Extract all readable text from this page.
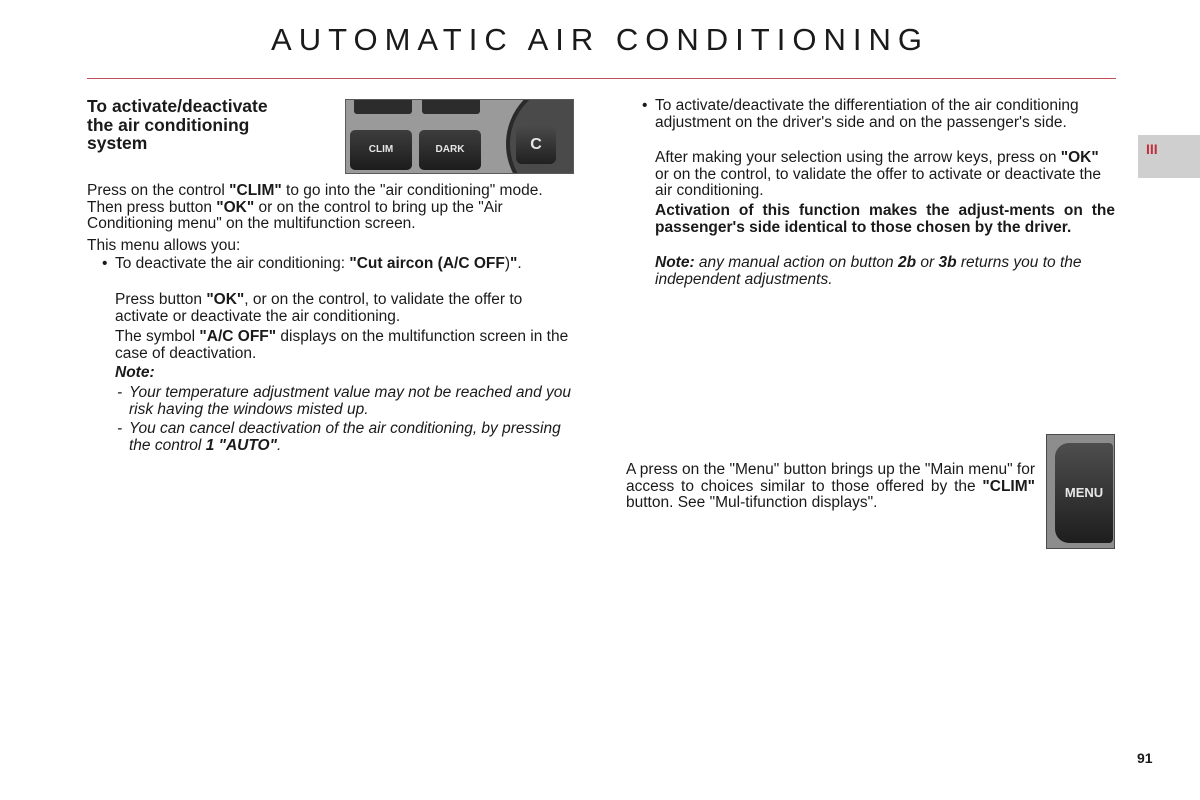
AUTOMATIC AIR CONDITIONING
III
To activate/deactivate
the air conditioning
system	CLIM	DARK	C

Press on the control "CLIM" to go into the "air conditioning" mode. Then press button "OK" or on the control to bring up the "Air Conditioning menu" on the multifunction screen.

This menu allows you:

• To deactivate the air conditioning: "Cut aircon (A/C OFF)".

Press button "OK", or on the control, to validate the offer to activate or deactivate the air conditioning.

The symbol "A/C OFF" displays on the multifunction screen in the case of deactivation.

Note:

- Your temperature adjustment value may not be reached and you risk having the windows misted up.

- You can cancel deactivation of the air conditioning, by pressing the control 1 "AUTO".

• To activate/deactivate the differentiation of the air conditioning adjustment on the driver's side and on the passenger's side.

After making your selection using the arrow keys, press on "OK" or on the control, to validate the offer to activate or deactivate the air conditioning.

Activation of this function makes the adjust-ments on the passenger's side identical to those chosen by the driver.

Note: any manual action on button 2b or 3b returns you to the independent adjustments.

A press on the "Menu" button brings up the "Main menu" for access to choices similar to those offered by the "CLIM" button. See "Mul-tifunction displays".

MENU
91
